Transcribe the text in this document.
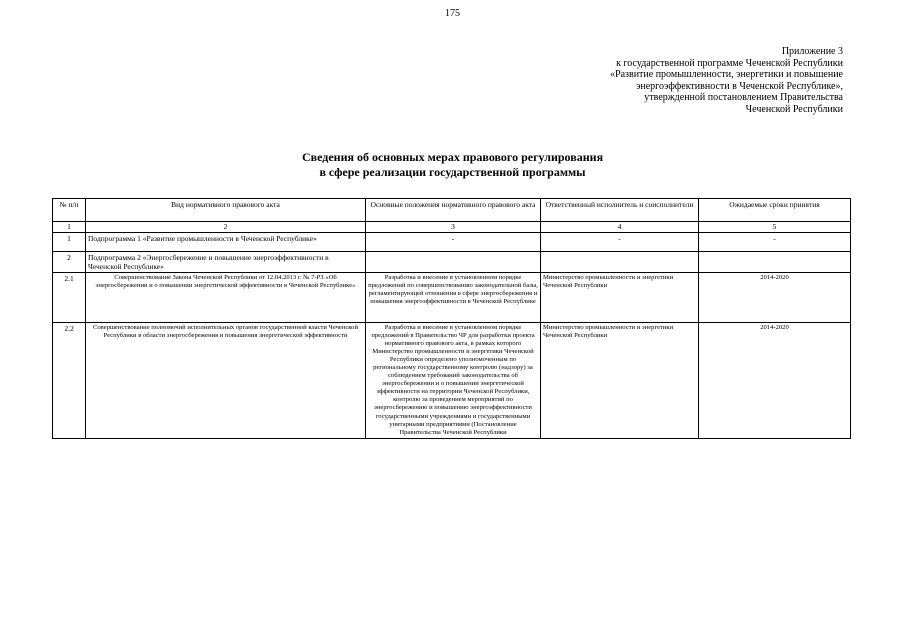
175
Приложение 3
к государственной программе Чеченской Республики
«Развитие промышленности, энергетики и повышение
энергоэффективности в Чеченской Республике»,
утвержденной постановлением Правительства
Чеченской Республики
Сведения об основных мерах правового регулирования
в сфере реализации государственной программы
№ п/п	Вид нормативного правового акта	Основные положения нормативного правового акта	Ответственный исполнитель и соисполнители	Ожидаемые сроки принятия
1	2	3	4	5
1	Подпрограмма 1 «Развитие промышленности в Чеченской Республике»	-	-	-
2	Подпрограмма 2 «Энергосбережение и повышение энергоэффективности в Чеченской Республике»			
2.1	Совершенствование Закона Чеченской Республики от 12.04.2013 г. № 7-РЗ «Об энергосбережении и о повышении энергетической эффективности в Чеченской Республике»	Разработка и внесение в установленном порядке предложений по совершенствованию законодательной базы, регламентирующей отношения в сфере энергосбережения и повышения энергоэффективности в Чеченской Республике	Министерство промышленности и энергетики Чеченской Республики	2014-2020
2.2	Совершенствование полномочий исполнительных органов государственной власти Чеченской Республики в области энергосбережения и повышения энергетической эффективности	Разработка и внесение в установленном порядке предложений в Правительство ЧР для разработки проекта нормативного правового акта, в рамках которого Министерство промышленности и энергетики Чеченской Республики определено уполномоченным по региональному государственному контролю (надзору) за соблюдением требований законодательства об энергосбережении и о повышении энергетической эффективности на территории Чеченской Республики, контролю за проведением мероприятий по энергосбережению и повышению энергоэффективности государственными учреждениями и государственными унитарными предприятиями (Постановление Правительства Чеченской Республики	Министерство промышленности и энергетики Чеченской Республики	2014-2020
